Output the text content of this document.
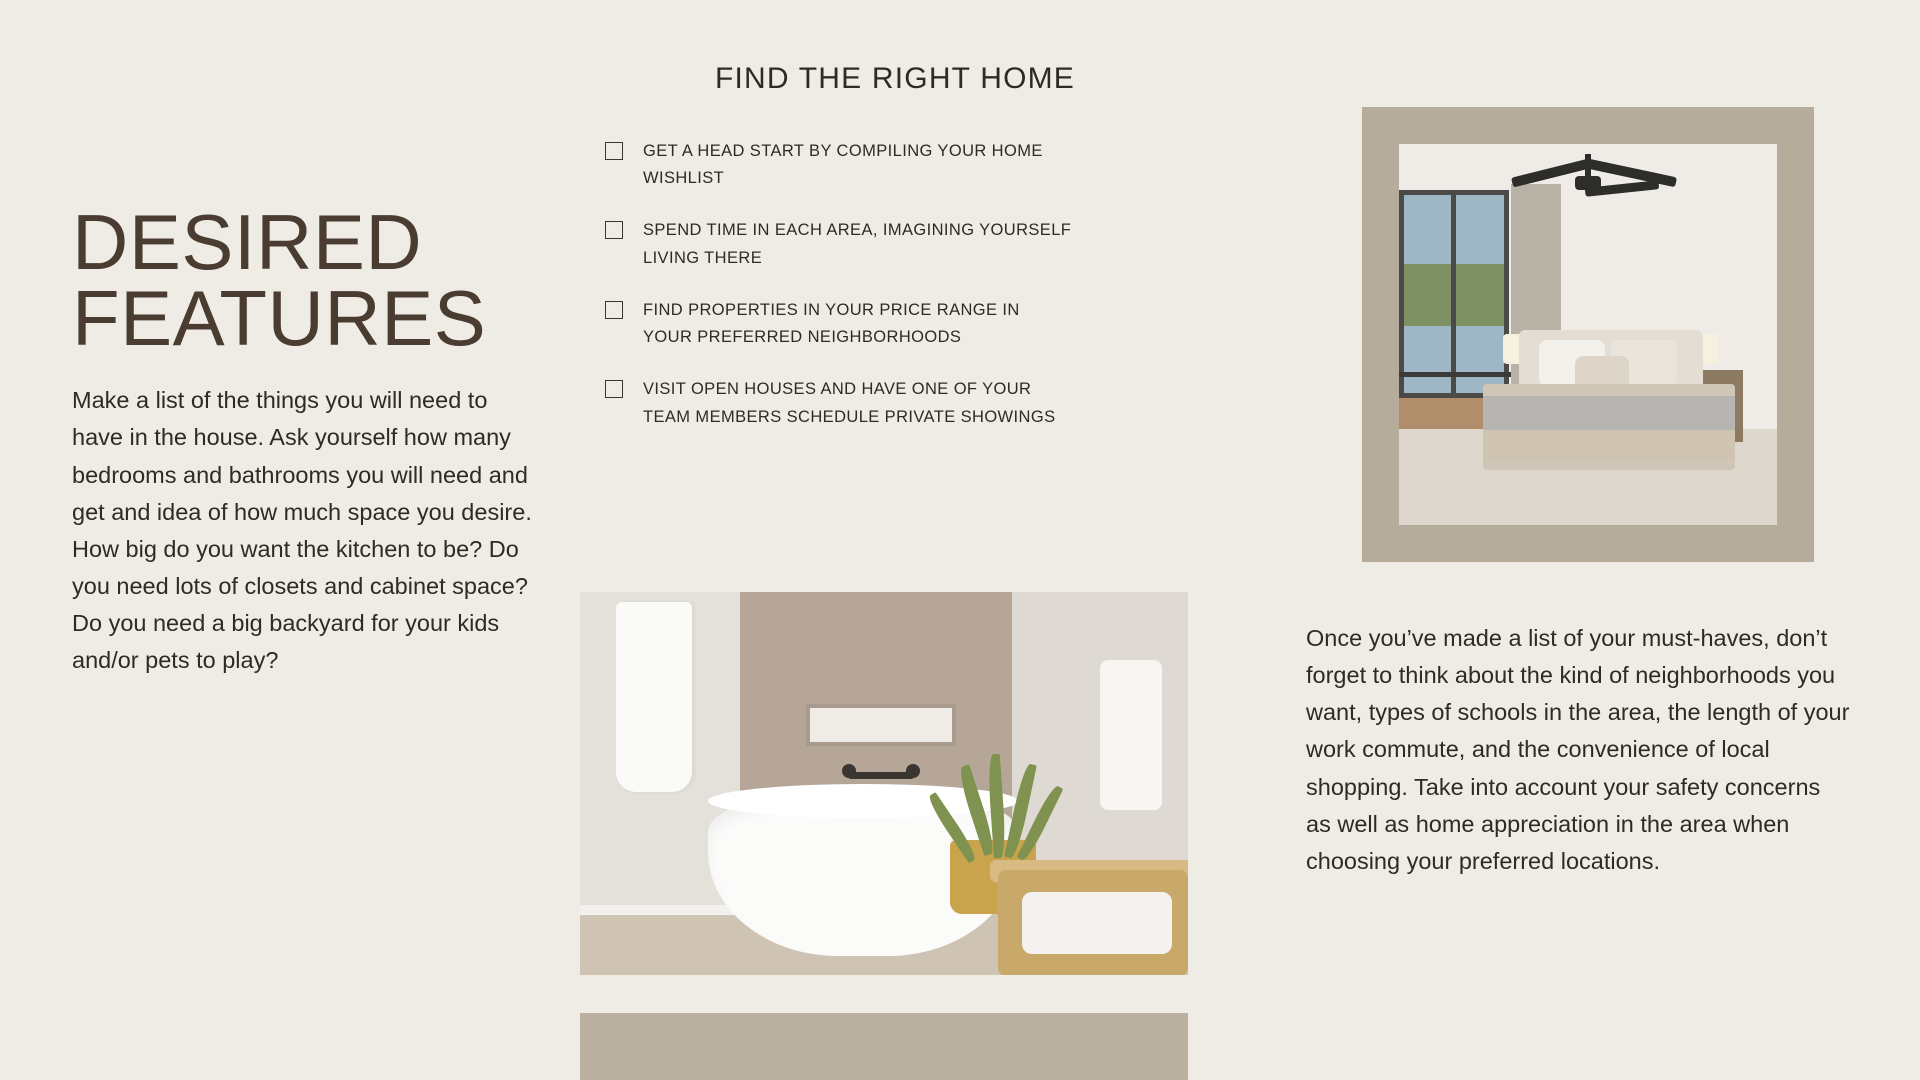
DESIRED
FEATURES

Make a list of the things you will need to have in the house. Ask yourself how many bedrooms and bathrooms you will need and get and idea of how much space you desire. How big do you want the kitchen to be? Do you need lots of closets and cabinet space? Do you need a big backyard for your kids and/or pets to play?

FIND THE RIGHT HOME
GET A HEAD START BY COMPILING YOUR HOME WISHLIST
SPEND TIME IN EACH AREA, IMAGINING YOURSELF LIVING THERE
FIND PROPERTIES IN YOUR PRICE RANGE IN YOUR PREFERRED NEIGHBORHOODS
VISIT OPEN HOUSES AND HAVE ONE OF YOUR TEAM MEMBERS SCHEDULE PRIVATE SHOWINGS

Once you’ve made a list of your must-haves, don’t forget to think about the kind of neighborhoods you want, types of schools in the area, the length of your work commute, and the convenience of local shopping. Take into account your safety concerns as well as home appreciation in the area when choosing your preferred locations.
